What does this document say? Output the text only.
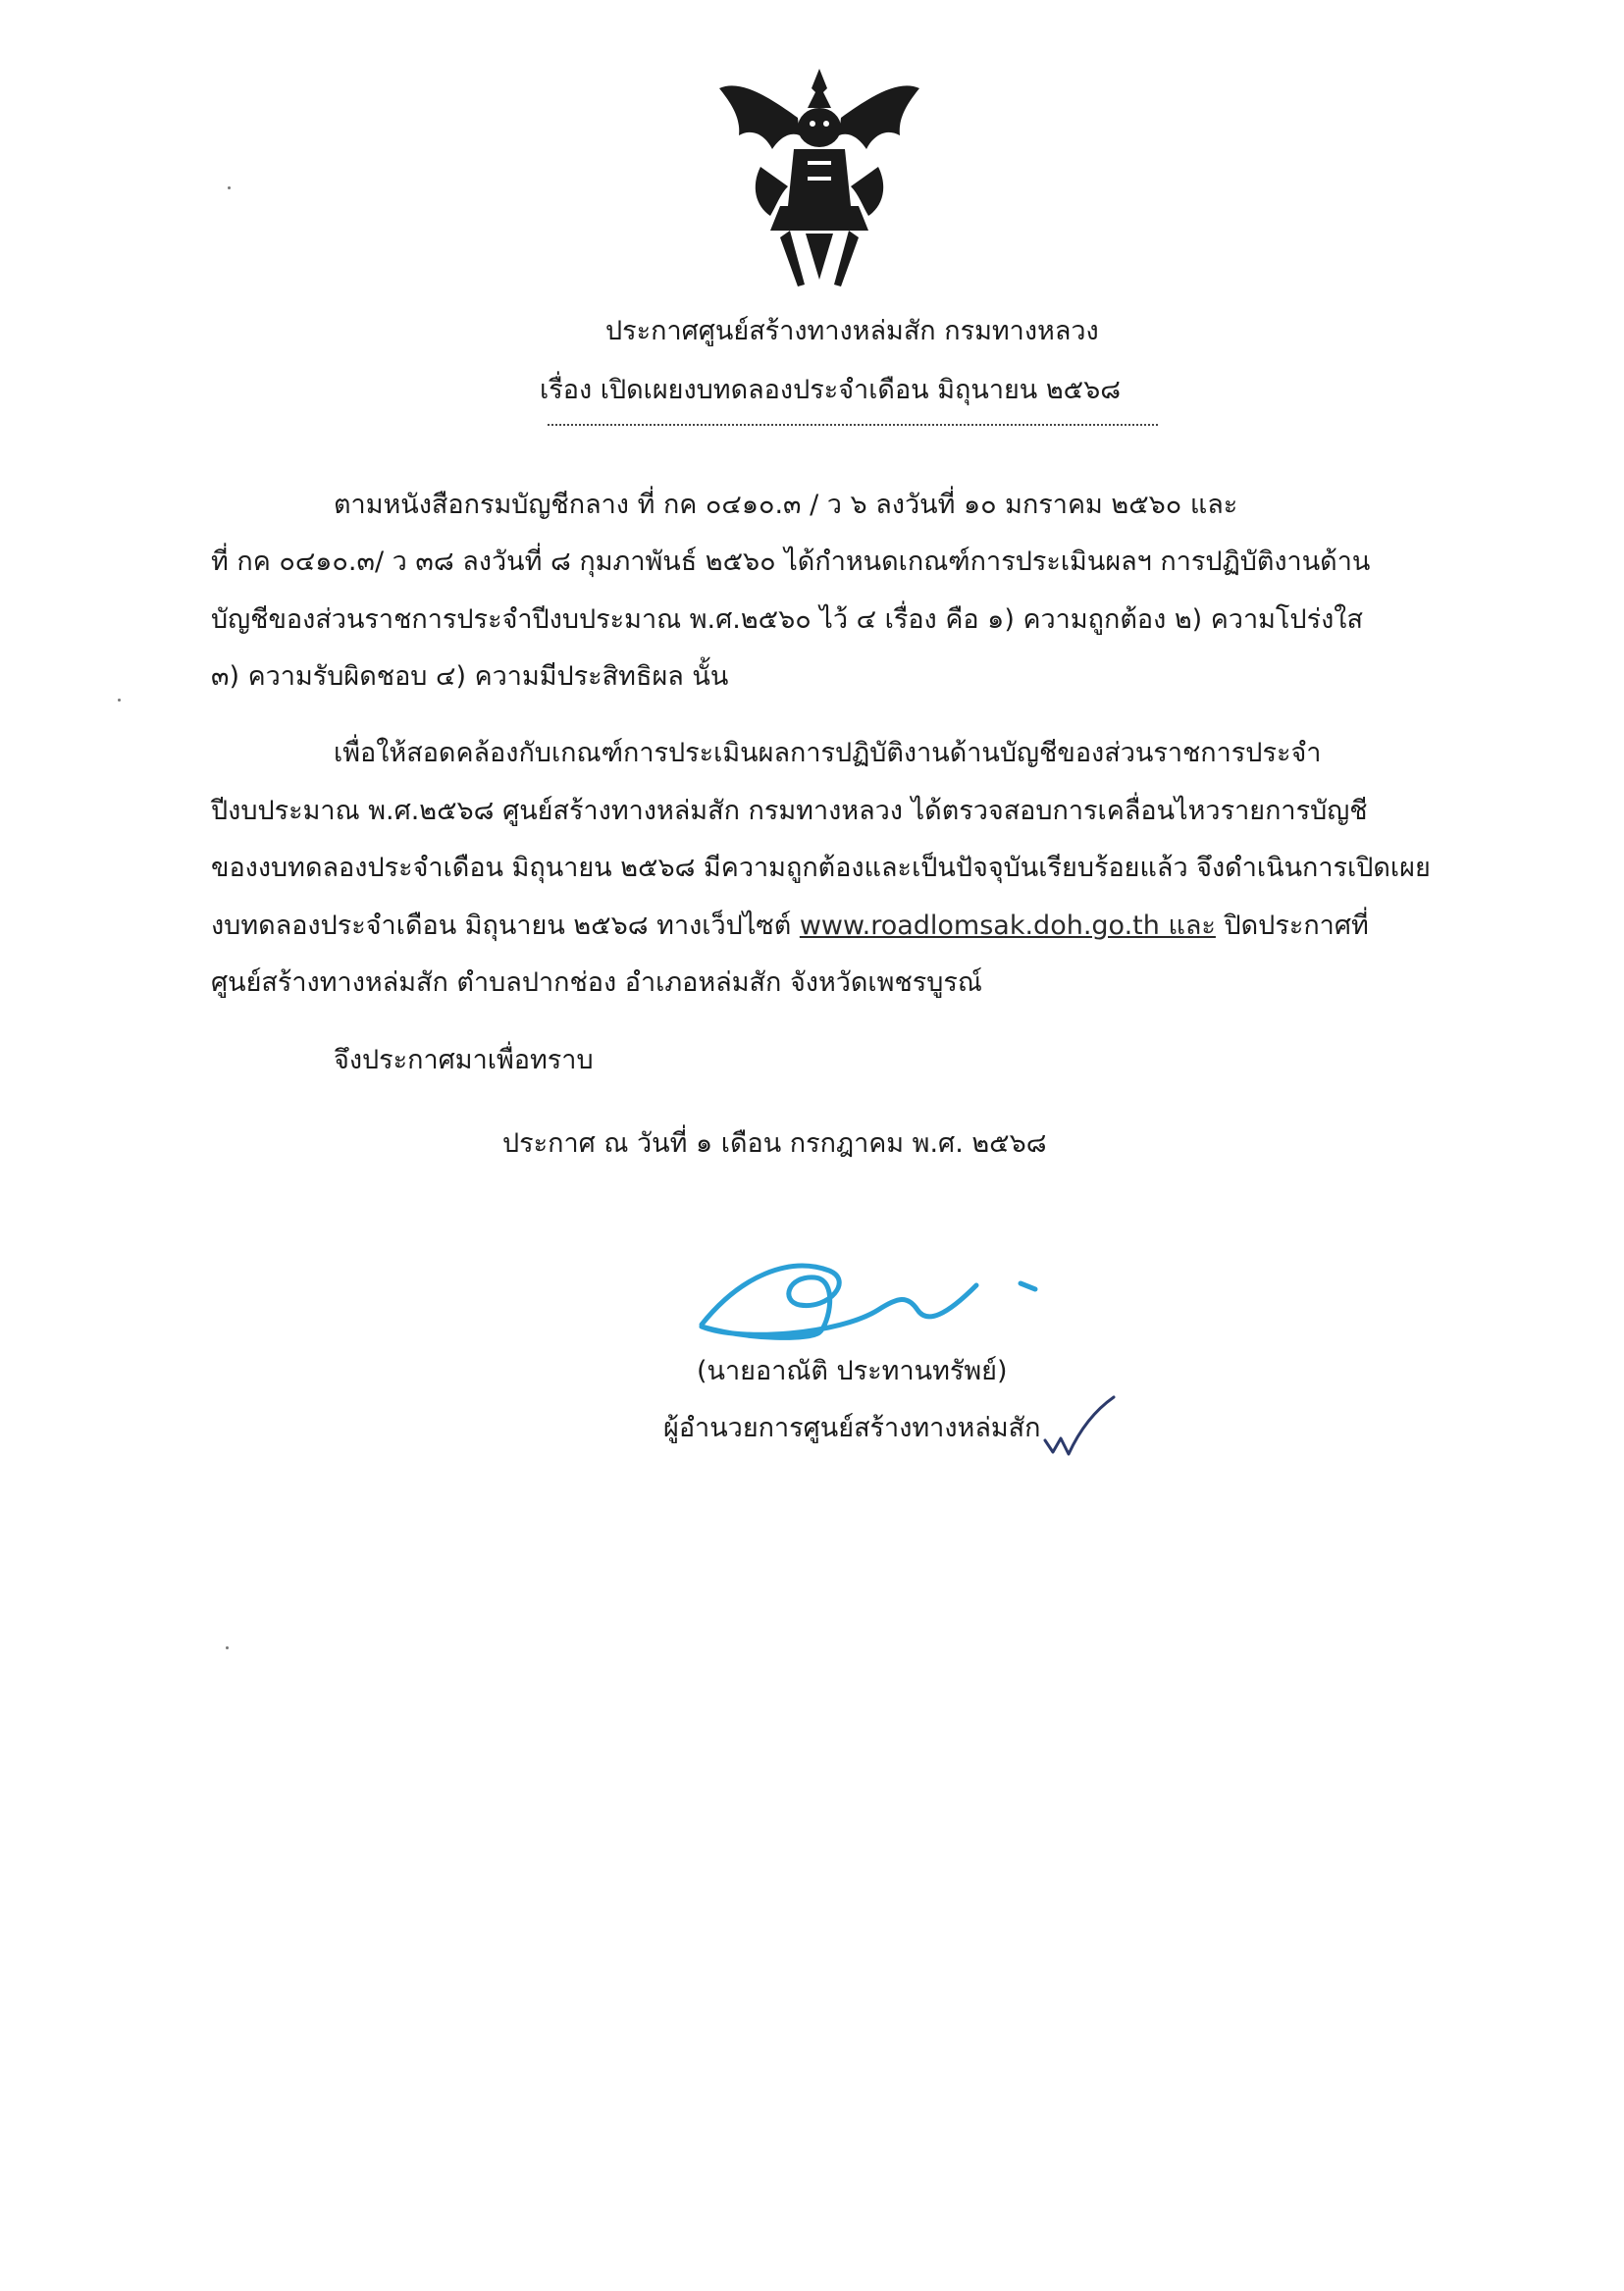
ประกาศศูนย์สร้างทางหล่มสัก กรมทางหลวง
เรื่อง เปิดเผยงบทดลองประจำเดือน มิถุนายน ๒๕๖๘
ตามหนังสือกรมบัญชีกลาง ที่ กค ๐๔๑๐.๓ / ว ๖ ลงวันที่ ๑๐ มกราคม ๒๕๖๐ และ
ที่ กค ๐๔๑๐.๓/ ว ๓๘ ลงวันที่ ๘ กุมภาพันธ์ ๒๕๖๐ ได้กำหนดเกณฑ์การประเมินผลฯ การปฏิบัติงานด้าน
บัญชีของส่วนราชการประจำปีงบประมาณ พ.ศ.๒๕๖๐ ไว้ ๔ เรื่อง คือ ๑) ความถูกต้อง ๒) ความโปร่งใส
๓) ความรับผิดชอบ ๔) ความมีประสิทธิผล นั้น
เพื่อให้สอดคล้องกับเกณฑ์การประเมินผลการปฏิบัติงานด้านบัญชีของส่วนราชการประจำ
ปีงบประมาณ พ.ศ.๒๕๖๘ ศูนย์สร้างทางหล่มสัก กรมทางหลวง ได้ตรวจสอบการเคลื่อนไหวรายการบัญชี
ของงบทดลองประจำเดือน มิถุนายน ๒๕๖๘ มีความถูกต้องและเป็นปัจจุบันเรียบร้อยแล้ว จึงดำเนินการเปิดเผย
งบทดลองประจำเดือน มิถุนายน ๒๕๖๘ ทางเว็ปไซต์ www.roadlomsak.doh.go.th และ ปิดประกาศที่
ศูนย์สร้างทางหล่มสัก ตำบลปากช่อง อำเภอหล่มสัก จังหวัดเพชรบูรณ์
จึงประกาศมาเพื่อทราบ
ประกาศ ณ วันที่ ๑ เดือน กรกฎาคม พ.ศ. ๒๕๖๘
(นายอาณัติ ประทานทรัพย์)
ผู้อำนวยการศูนย์สร้างทางหล่มสัก
